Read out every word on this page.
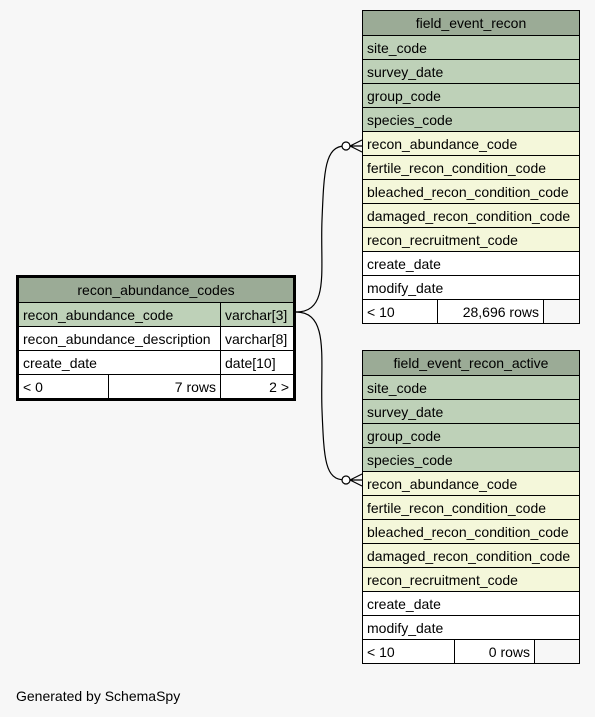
recon_abundance_codes
recon_abundance_code	varchar[3]
recon_abundance_description	varchar[8]
create_date	date[10]
< 0	7 rows	2 >
field_event_recon
site_code
survey_date
group_code
species_code
recon_abundance_code
fertile_recon_condition_code
bleached_recon_condition_code
damaged_recon_condition_code
recon_recruitment_code
create_date
modify_date
< 10	28,696 rows
field_event_recon_active
site_code
survey_date
group_code
species_code
recon_abundance_code
fertile_recon_condition_code
bleached_recon_condition_code
damaged_recon_condition_code
recon_recruitment_code
create_date
modify_date
< 10	0 rows
Generated by SchemaSpy
